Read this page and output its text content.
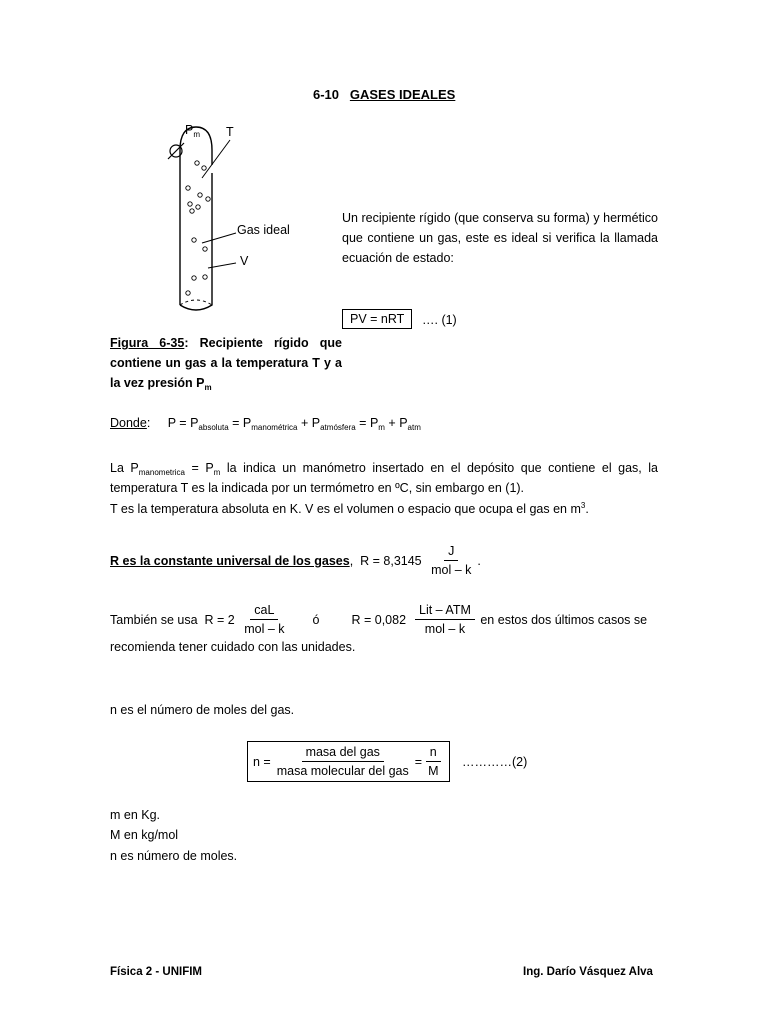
6-10 GASES IDEALES
$P_m$ T
Gas ideal
V
Un recipiente rígido (que conserva su forma) y hermético que contiene un gas, este es ideal si verifica la llamada ecuación de estado:
PV = nRT	…. (1)
Figura 6-35: Recipiente rígido que contiene un gas a la temperatura T y a la vez presión $P_m$
Donde: $P = P_{absoluta} = P_{manométrica} + P_{atmósfera} = P_m + P_{atm}$
La $P_{manometrica} = P_m$ la indica un manómetro insertado en el depósito que contiene el gas, la temperatura T es la indicada por un termómetro en ºC, sin embargo en (1).
T es la temperatura absoluta en K. V es el volumen o espacio que ocupa el gas en $m^3$.
R es la constante universal de los gases ,
R = 8,3145
$\frac{J}{\text{mol – k}}$ .
También se usa
R = 2
$\frac{\text{caL}}{\text{mol – k}}$ ó	R = 0,082
$\frac{\text{Lit – ATM}}{\text{mol – k}}$
en estos dos últimos casos se
recomienda tener cuidado con las unidades.
n es el número de moles del gas.
$n = \frac{\text{masa del gas}}{\text{masa molecular del gas}} = \frac{n}{M}$ …………(2)
m en Kg.
M en kg/mol
n es número de moles.
Física 2 - UNIFIM	Ing. Darío Vásquez Alva
